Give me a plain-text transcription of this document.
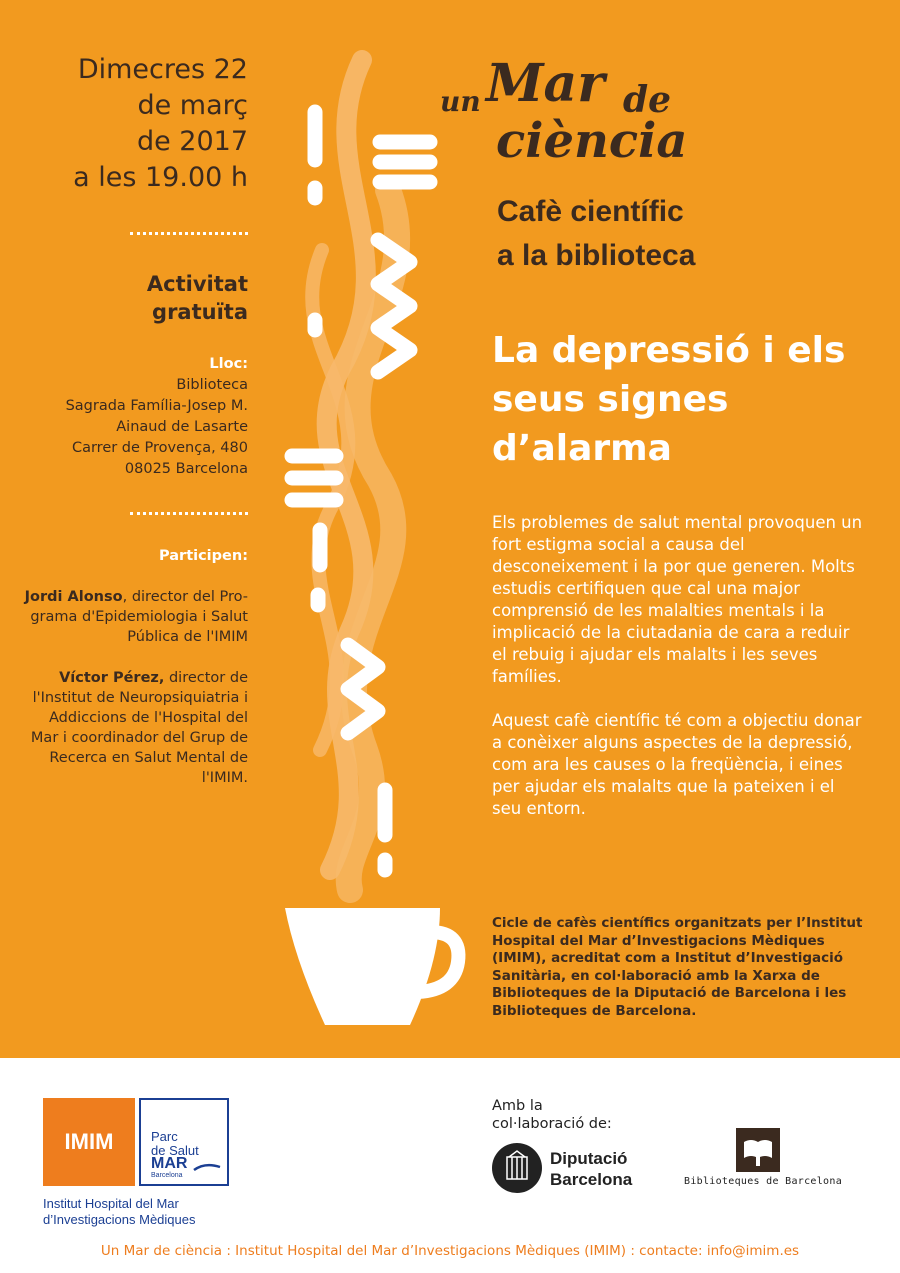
Dimecres 22
de març
de 2017
a les 19.00 h
Activitat
gratuïta
Lloc:
Biblioteca
Sagrada Família-Josep M.
Ainaud de Lasarte
Carrer de Provença, 480
08025 Barcelona
Participen:
Jordi Alonso, director del Pro-grama d'Epidemiologia i Salut Pública de l'IMIM
Víctor Pérez, director de l'Institut de Neuropsiquiatria i Addiccions de l'Hospital del Mar i coordinador del Grup de Recerca en Salut Mental de l'IMIM.
un Mar de
ciència
Cafè científic
a la biblioteca
La depressió i els
seus signes
d’alarma

Els problemes de salut mental provoquen un fort estigma social a causa del desconeixement i la por que generen. Molts estudis certifiquen que cal una major comprensió de les malalties mentals i la implicació de la ciutadania de cara a reduir el rebuig i ajudar els malalts i les seves famílies.

Aquest cafè científic té com a objectiu donar a conèixer alguns aspectes de la depressió, com ara les causes o la freqüència, i eines per ajudar els malalts que la pateixen i el seu entorn.

Cicle de cafès científics organitzats per l’Institut Hospital del Mar d’Investigacions Mèdiques (IMIM), acreditat com a Institut d’Investigació Sanitària, en col·laboració amb la Xarxa de Biblioteques de la Diputació de Barcelona i les Biblioteques de Barcelona.
IMIM	Parc
de Salut
MAR
Barcelona
Institut Hospital del Mar
d’Investigacions Mèdiques
Amb la
col·laboració de:
Diputació
Barcelona	Biblioteques de Barcelona
Un Mar de ciència : Institut Hospital del Mar d’Investigacions Mèdiques (IMIM) : contacte: info@imim.es
